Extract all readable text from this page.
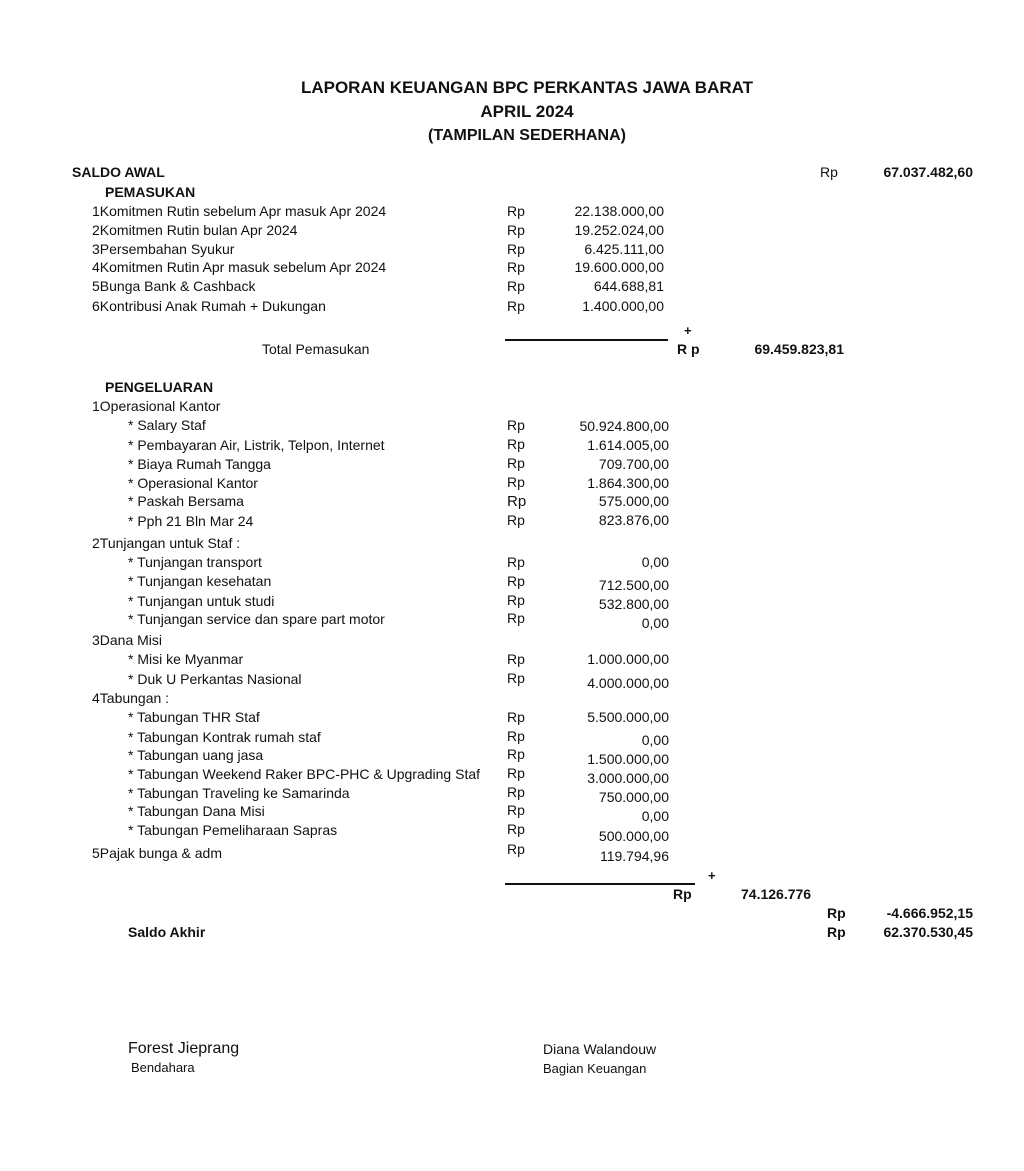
LAPORAN KEUANGAN BPC PERKANTAS JAWA BARAT
APRIL 2024
(TAMPILAN SEDERHANA)
SALDO AWAL	Rp	67.037.482,60
PEMASUKAN
1Komitmen Rutin sebelum Apr masuk Apr 2024	Rp	22.138.000,00
2Komitmen Rutin bulan Apr 2024	Rp	19.252.024,00
3Persembahan Syukur	Rp	6.425.111,00
4Komitmen Rutin Apr masuk sebelum Apr 2024	Rp	19.600.000,00
5Bunga Bank & Cashback	Rp	644.688,81
6Kontribusi Anak Rumah + Dukungan	Rp	1.400.000,00
+
Total Pemasukan	R p	69.459.823,81
PENGELUARAN
1Operasional Kantor
* Salary Staf	Rp	50.924.800,00
* Pembayaran Air, Listrik, Telpon, Internet	Rp	1.614.005,00
* Biaya Rumah Tangga	Rp	709.700,00
* Operasional Kantor	Rp	1.864.300,00
* Paskah Bersama	Rp	575.000,00
* Pph 21 Bln Mar 24	Rp	823.876,00
2Tunjangan untuk Staf :
* Tunjangan transport	Rp	0,00
* Tunjangan kesehatan	Rp	712.500,00
* Tunjangan untuk studi	Rp	532.800,00
* Tunjangan service dan spare part motor	Rp	0,00
3Dana Misi
* Misi ke Myanmar	Rp	1.000.000,00
* Duk U Perkantas Nasional	Rp	4.000.000,00
4Tabungan :
* Tabungan THR Staf	Rp	5.500.000,00
* Tabungan Kontrak rumah staf	Rp	0,00
* Tabungan uang jasa	Rp	1.500.000,00
* Tabungan Weekend Raker BPC-PHC & Upgrading Staf Rp	3.000.000,00
* Tabungan Traveling ke Samarinda	Rp	750.000,00
* Tabungan Dana Misi	Rp	0,00
* Tabungan Pemeliharaan Sapras	Rp	500.000,00
5Pajak bunga & adm	Rp	119.794,96
+
Rp	74.126.776
Rp	-4.666.952,15
Saldo Akhir	Rp	62.370.530,45
Forest Jieprang
Bendahara
Diana Walandouw
Bagian Keuangan
